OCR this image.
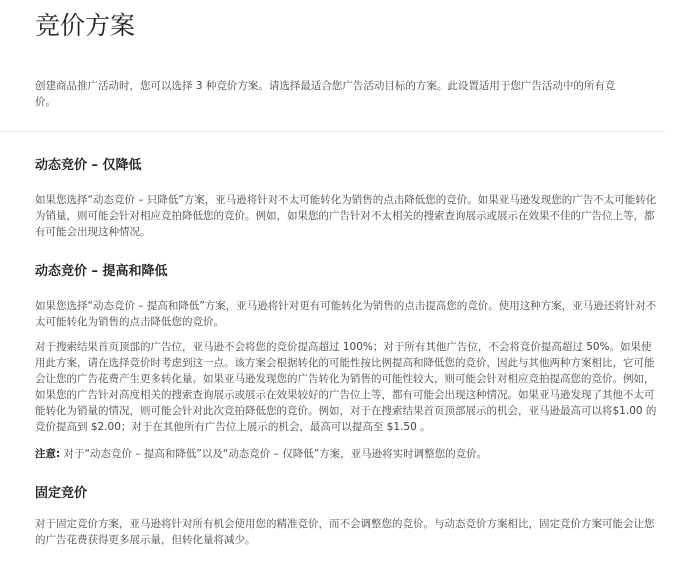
竞价方案

创建商品推广活动时，您可以选择 3 种竞价方案。请选择最适合您广告活动目标的方案。此设置适用于您广告活动中的所有竞价。

动态竞价 – 仅降低

如果您选择“动态竞价 – 只降低”方案，亚马逊将针对不太可能转化为销售的点击降低您的竞价。如果亚马逊发现您的广告不太可能转化为销量，则可能会针对相应竞拍降低您的竞价。例如，如果您的广告针对不太相关的搜索查询展示或展示在效果不佳的广告位上等，都有可能会出现这种情况。

动态竞价 – 提高和降低

如果您选择“动态竞价 – 提高和降低”方案，亚马逊将针对更有可能转化为销售的点击提高您的竞价。使用这种方案，亚马逊还将针对不太可能转化为销售的点击降低您的竞价。

对于搜索结果首页顶部的广告位，亚马逊不会将您的竞价提高超过 100%；对于所有其他广告位，不会将竞价提高超过 50%。如果使用此方案，请在选择竞价时考虑到这一点。该方案会根据转化的可能性按比例提高和降低您的竞价，因此与其他两种方案相比，它可能会让您的广告花费产生更多转化量。如果亚马逊发现您的广告转化为销售的可能性较大，则可能会针对相应竞拍提高您的竞价。例如，如果您的广告针对高度相关的搜索查询展示或展示在效果较好的广告位上等，都有可能会出现这种情况。如果亚马逊发现了其他不太可能转化为销量的情况，则可能会针对此次竞拍降低您的竞价。例如，对于在搜索结果首页顶部展示的机会，亚马逊最高可以将$1.00 的竞价提高到 $2.00；对于在其他所有广告位上展示的机会，最高可以提高至 $1.50 。

注意: 对于“动态竞价 – 提高和降低”以及“动态竞价 – 仅降低”方案，亚马逊将实时调整您的竞价。

固定竞价

对于固定竞价方案，亚马逊将针对所有机会使用您的精准竞价，而不会调整您的竞价。与动态竞价方案相比，固定竞价方案可能会让您的广告花费获得更多展示量，但转化量将减少。
